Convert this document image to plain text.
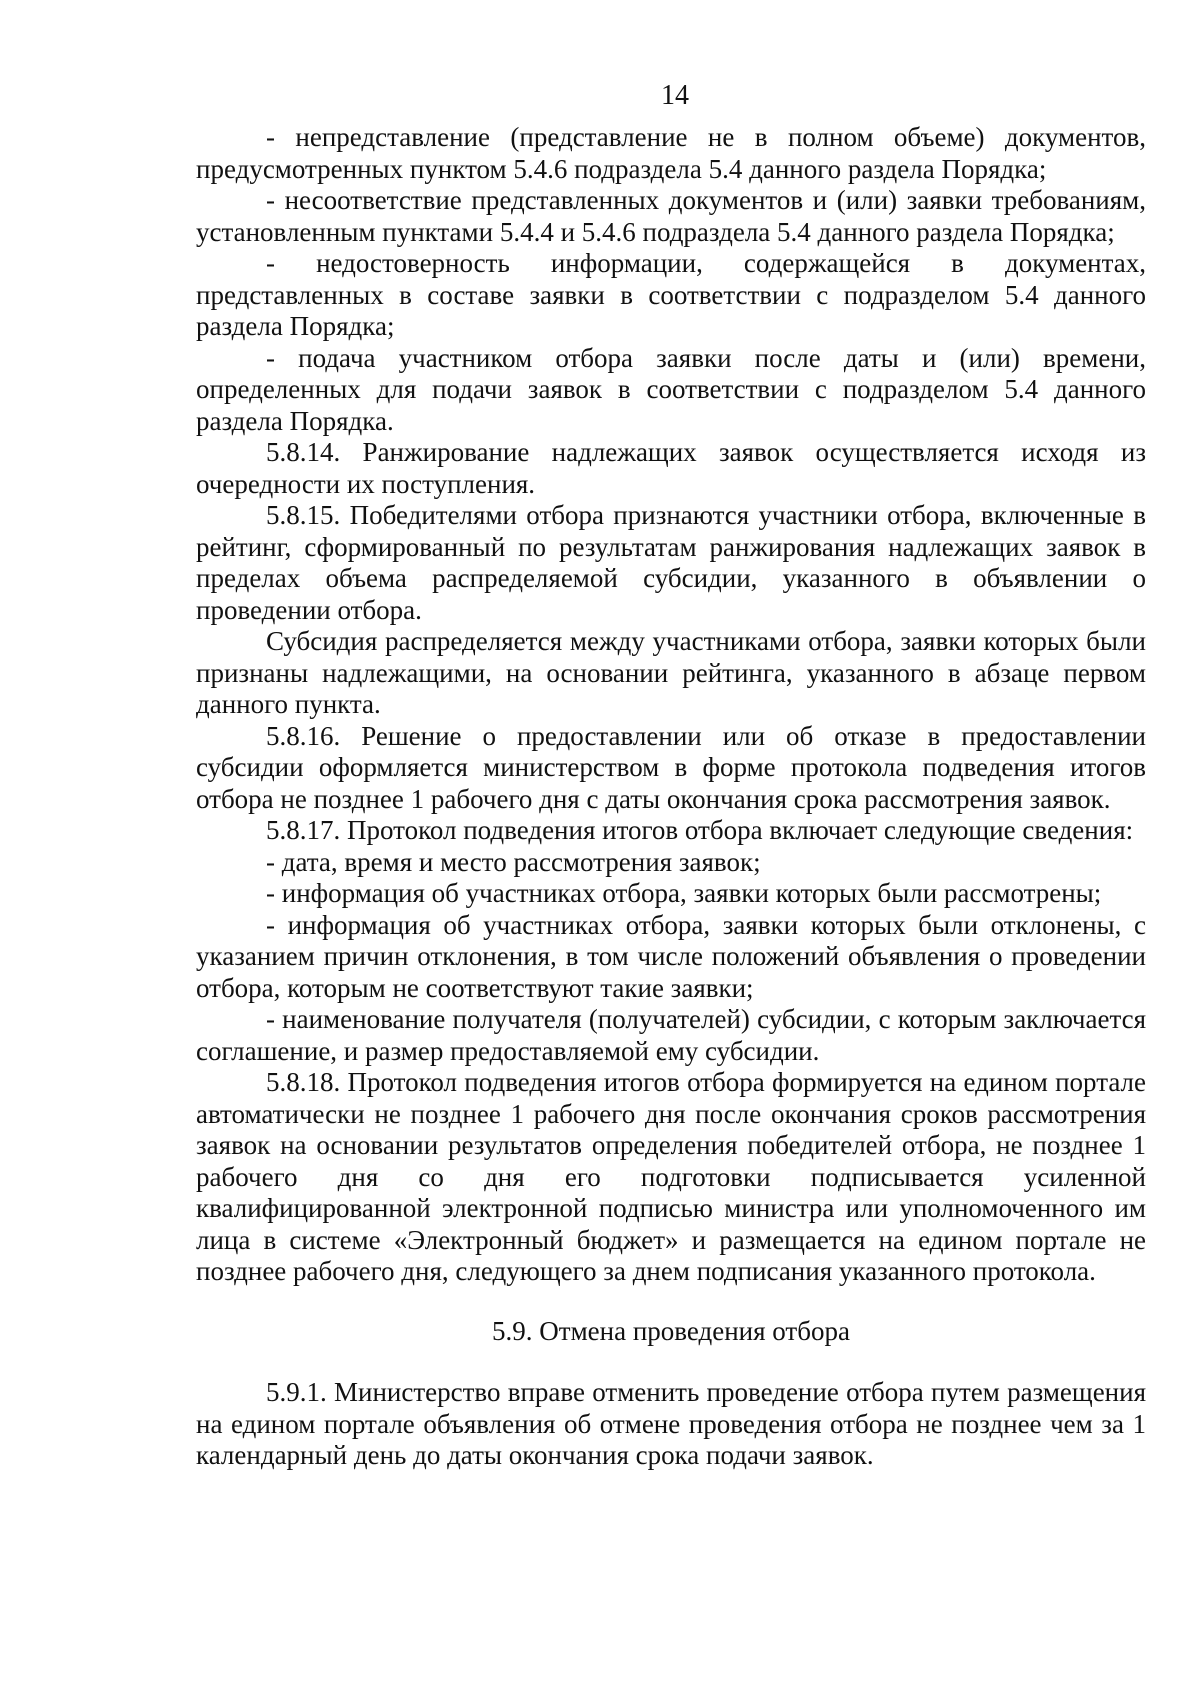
14

- непредставление (представление не в полном объеме) документов, предусмотренных пунктом 5.4.6 подраздела 5.4 данного раздела Порядка;

- несоответствие представленных документов и (или) заявки требованиям, установленным пунктами 5.4.4 и 5.4.6 подраздела 5.4 данного раздела Порядка;

- недостоверность информации, содержащейся в документах, представленных в составе заявки в соответствии с подразделом 5.4 данного раздела Порядка;

- подача участником отбора заявки после даты и (или) времени, определенных для подачи заявок в соответствии с подразделом 5.4 данного раздела Порядка.

5.8.14. Ранжирование надлежащих заявок осуществляется исходя из очередности их поступления.

5.8.15. Победителями отбора признаются участники отбора, включенные в рейтинг, сформированный по результатам ранжирования надлежащих заявок в пределах объема распределяемой субсидии, указанного в объявлении о проведении отбора.

Субсидия распределяется между участниками отбора, заявки которых были признаны надлежащими, на основании рейтинга, указанного в абзаце первом данного пункта.

5.8.16. Решение о предоставлении или об отказе в предоставлении субсидии оформляется министерством в форме протокола подведения итогов отбора не позднее 1 рабочего дня с даты окончания срока рассмотрения заявок.

5.8.17. Протокол подведения итогов отбора включает следующие сведения:

- дата, время и место рассмотрения заявок;

- информация об участниках отбора, заявки которых были рассмотрены;

- информация об участниках отбора, заявки которых были отклонены, с указанием причин отклонения, в том числе положений объявления о проведении отбора, которым не соответствуют такие заявки;

- наименование получателя (получателей) субсидии, с которым заключается соглашение, и размер предоставляемой ему субсидии.

5.8.18. Протокол подведения итогов отбора формируется на едином портале автоматически не позднее 1 рабочего дня после окончания сроков рассмотрения заявок на основании результатов определения победителей отбора, не позднее 1 рабочего дня со дня его подготовки подписывается усиленной квалифицированной электронной подписью министра или уполномоченного им лица в системе «Электронный бюджет» и размещается на едином портале не позднее рабочего дня, следующего за днем подписания указанного протокола.

5.9. Отмена проведения отбора

5.9.1. Министерство вправе отменить проведение отбора путем размещения на едином портале объявления об отмене проведения отбора не позднее чем за 1 календарный день до даты окончания срока подачи заявок.
